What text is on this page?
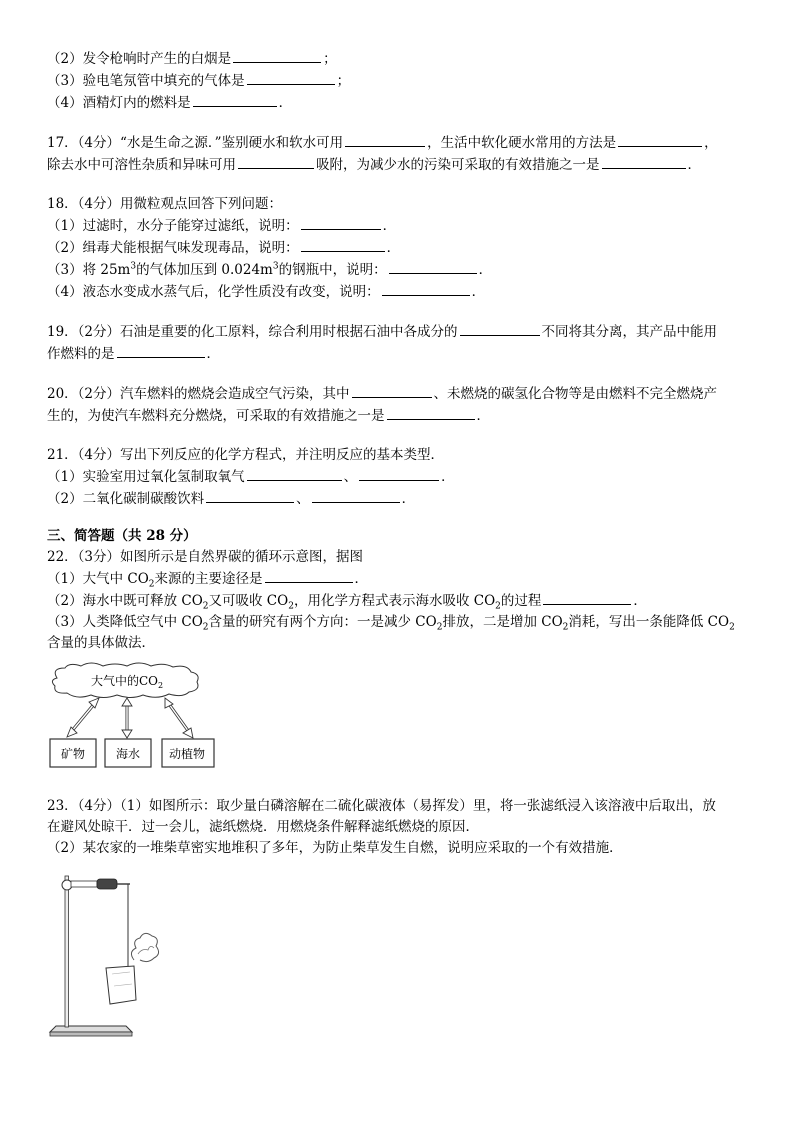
（2）发令枪响时产生的白烟是	；
（3）验电笔氖管中填充的气体是	；
（4）酒精灯内的燃料是	．
17．（4分）“水是生命之源．”鉴别硬水和软水可用	，生活中软化硬水常用的方法是	，
除去水中可溶性杂质和异味可用	吸附，为减少水的污染可采取的有效措施之一是	．
18．（4分）用微粒观点回答下列问题：
（1）过滤时，水分子能穿过滤纸，说明：	．
（2）缉毒犬能根据气味发现毒品，说明：	．
（3）将 $25m^3$的气体加压到 $0.024m^3$的钢瓶中，说明：	．
（4）液态水变成水蒸气后，化学性质没有改变，说明：	．
19．（2分）石油是重要的化工原料，综合利用时根据石油中各成分的	不同将其分离，其产品中能用
作燃料的是	．
20．（2分）汽车燃料的燃烧会造成空气污染，其中	、未燃烧的碳氢化合物等是由燃料不完全燃烧产
生的，为使汽车燃料充分燃烧，可采取的有效措施之一是	．
21．（4分）写出下列反应的化学方程式，并注明反应的基本类型．
（1）实验室用过氧化氢制取氧气	、	．
（2）二氧化碳制碳酸饮料	、	．
三、简答题（共 28 分）
22．（3分）如图所示是自然界碳的循环示意图，据图
（1）大气中 $CO_2$来源的主要途径是	．
（2）海水中既可释放 $CO_2$又可吸收 $CO_2$，用化学方程式表示海水吸收 $CO_2$的过程	．
（3）人类降低空气中 $CO_2$含量的研究有两个方向：一是减少 $CO_2$排放，二是增加 $CO_2$消耗，写出一条能降低 $CO_2$
含量的具体做法．
大气中的$CO_2$
矿物	海水 动植物
23．（4分）（1）如图所示：取少量白磷溶解在二硫化碳液体（易挥发）里，将一张滤纸浸入该溶液中后取出，放
在避风处晾干．过一会儿，滤纸燃烧．用燃烧条件解释滤纸燃烧的原因．
（2）某农家的一堆柴草密实地堆积了多年，为防止柴草发生自燃，说明应采取的一个有效措施．
